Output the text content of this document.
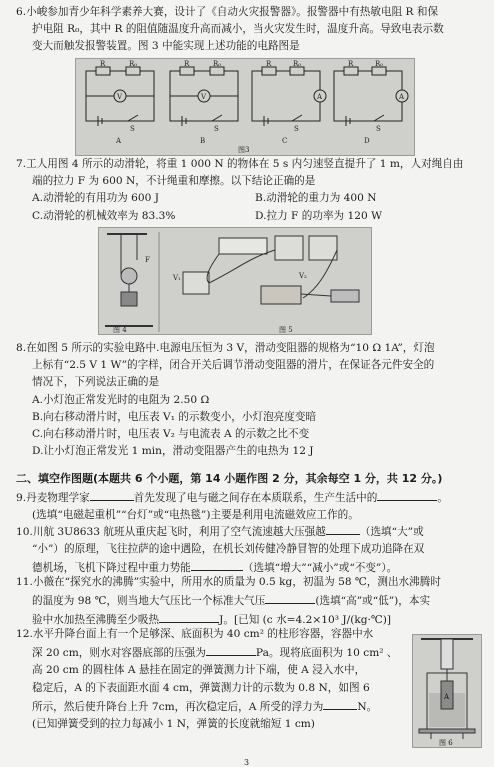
6.小峻参加青少年科学素养大赛，设计了《自动火灾报警器》。报警器中有热敏电阻 R 和保

护电阻 R₀，其中 R 的阻值随温度升高而减小，当火灾发生时，温度升高。导致电表示数

变大而触发报警装置。图 3 中能实现上述功能的电路图是

R	R₀
V
S
A
R	R₀
V
S
B
R	R₀
A
S
C
R	R₀
A
S
D
图3

7.工人用图 4 所示的动滑轮，将重 1 000 N 的物体在 5 s 内匀速竖直提升了 1 m，人对绳自由

端的拉力 F 为 600 N，不计绳重和摩擦。以下结论正确的是

A.动滑轮的有用功为 600 J	B.动滑轮的重力为 400 N
C.动滑轮的机械效率为 83.3%	D.拉力 F 的功率为 120 W
F
V₁	V₂
图 4	图 5

8.在如图 5 所示的实验电路中.电源电压恒为 3 V，滑动变阻器的规格为“10 Ω 1A”，灯泡

上标有“2.5 V 1 W”的字样，闭合开关后调节滑动变阻器的滑片，在保证各元件安全的

情况下，下列说法正确的是

A.小灯泡正常发光时的电阻为 2.50 Ω

B.向右移动滑片时，电压表 V₁ 的示数变小，小灯泡亮度变暗

C.向右移动滑片时，电压表 V₂ 与电流表 A 的示数之比不变

D.让小灯泡正常发光 1 min，滑动变阻器产生的电热为 12 J

二、填空作图题(本题共 6 个小题，第 14 小题作图 2 分，其余每空 1 分，共 12 分。)

9.丹麦物理学家	首先发现了电与磁之间存在本质联系，生产生活中的	。

(选填“电磁起重机”“台灯”或“电热毯”)主要是利用电流磁效应工作的。

10.川航 3U8633 航班从重庆起飞时，利用了空气流速越大压强越	（选填“大”或

“小”）的原理，飞往拉萨的途中遇险，在机长刘传健冷静冒智的处理下成功追降在双

德机场，飞机下降过程中重力势能	（选填“增大”“减小”或“不变”）。

11.小薇在“探究水的沸腾”实验中，所用水的质量为 0.5 kg，初温为 58 ℃，测出水沸腾时

的温度为 98 ℃，则当地大气压比一个标准大气压	(选填“高”或“低”)，本实

验中水加热至沸腾至少吸热	J。[已知 (c 水=4.2×10³ J/(kg·℃)]

12.水平升降台面上有一个足够深、底面积为 40 cm² 的柱形容器，容器中水

深 20 cm，则水对容器底部的压强为	Pa。现将底面积为 10 cm² 、

高 20 cm 的圆柱体 A 悬挂在固定的弹簧测力计下端，使 A 浸入水中，

稳定后，A 的下表面距水面 4 cm，弹簧测力计的示数为 0.8 N，如图 6

所示，然后使升降台上升 7cm，再次稳定后，A 所受的浮力为	N。

(已知弹簧受到的拉力每减小 1 N，弹簧的长度就缩短 1 cm)

A
图 6
3
